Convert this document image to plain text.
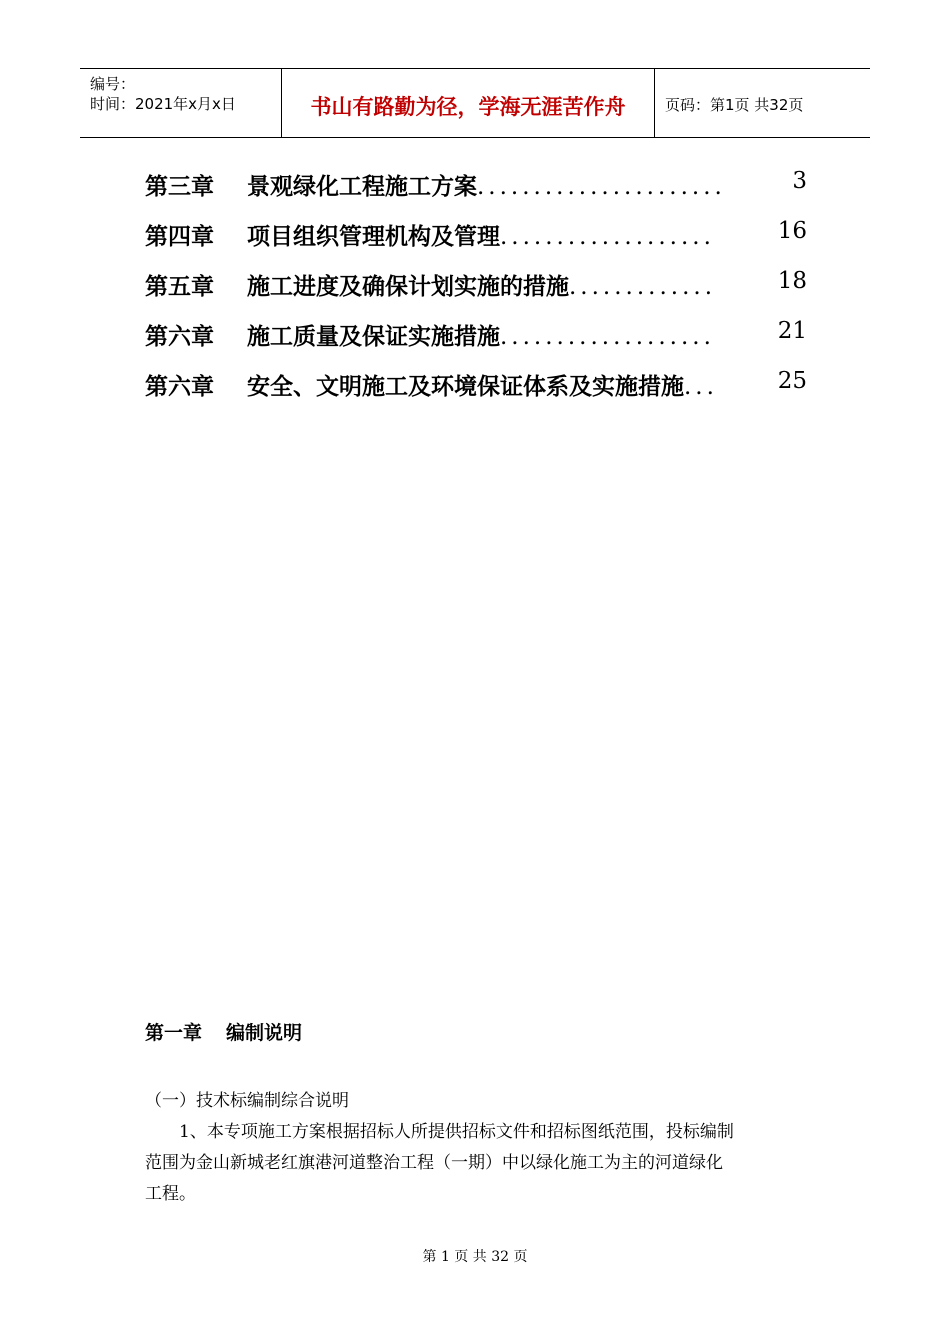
编号：
时间：2021年x月x日	书山有路勤为径，学海无涯苦作舟	页码：第1页 共32页
第三章 景观绿化工程施工方案......................	3
第四章 项目组织管理机构及管理...................	16
第五章 施工进度及确保计划实施的措施.............	18
第六章 施工质量及保证实施措施...................	21
第六章 安全、文明施工及环境保证体系及实施措施...	25
第一章 编制说明
（一）技术标编制综合说明
1、本专项施工方案根据招标人所提供招标文件和招标图纸范围，投标编制
范围为金山新城老红旗港河道整治工程（一期）中以绿化施工为主的河道绿化
工程。
第 1 页 共 32 页
